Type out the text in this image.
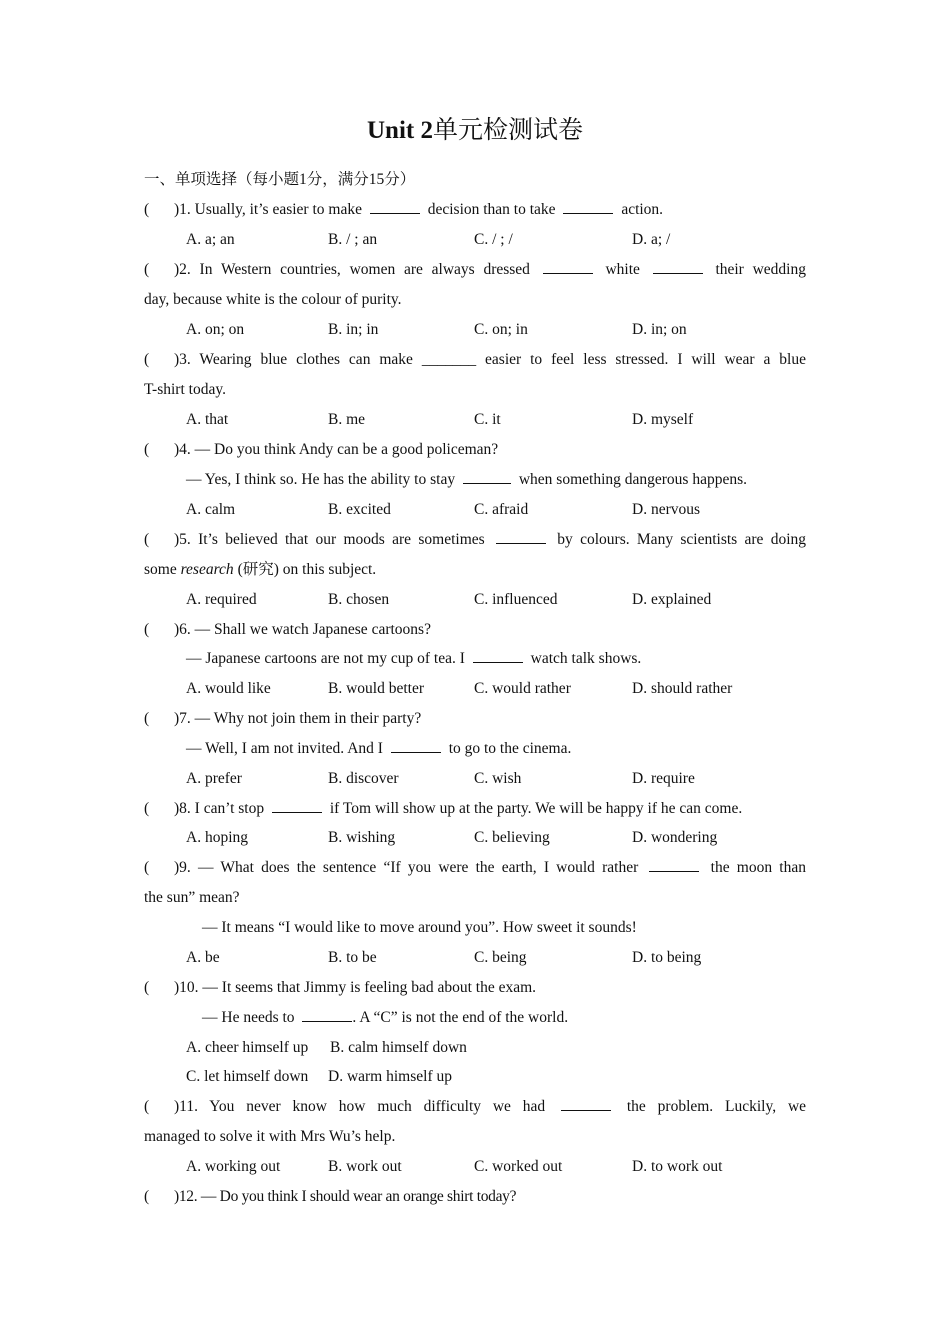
Unit 2单元检测试卷
一、单项选择（每小题1分，满分15分）
( )1. Usually, it’s easier to make	decision than to take	action.
A. a; an	B. / ; an	C. / ; /	D. a; /
( )2. In Western countries, women are always dressed	white	their wedding
day, because white is the colour of purity.
A. on; on	B. in; in	C. on; in	D. in; on
( )3. Wearing blue clothes can make _______ easier to feel less stressed. I will wear a blue
T-shirt today.
A. that	B. me	C. it	D. myself
( )4. — Do you think Andy can be a good policeman?
— Yes, I think so. He has the ability to stay	when something dangerous happens.
A. calm	B. excited	C. afraid	D. nervous
( )5. It’s believed that our moods are sometimes	by colours. Many scientists are doing
some research (研究) on this subject.
A. required	B. chosen	C. influenced	D. explained
( )6. — Shall we watch Japanese cartoons?
— Japanese cartoons are not my cup of tea. I	watch talk shows.
A. would like	B. would better	C. would rather	D. should rather
( )7. — Why not join them in their party?
— Well, I am not invited. And I	to go to the cinema.
A. prefer	B. discover	C. wish	D. require
( )8. I can’t stop	if Tom will show up at the party. We will be happy if he can come.
A. hoping	B. wishing	C. believing	D. wondering
( )9. — What does the sentence “If you were the earth, I would rather	the moon than
the sun” mean?
— It means “I would like to move around you”. How sweet it sounds!
A. be	B. to be	C. being	D. to being
( )10. — It seems that Jimmy is feeling bad about the exam.
— He needs to	. A “C” is not the end of the world.
A. cheer himself up B. calm himself down
C. let himself down D. warm himself up
( )11. You never know how much difficulty we had	the problem. Luckily, we
managed to solve it with Mrs Wu’s help.
A. working out	B. work out	C. worked out	D. to work out
( )12. — Do you think I should wear an orange shirt today?
